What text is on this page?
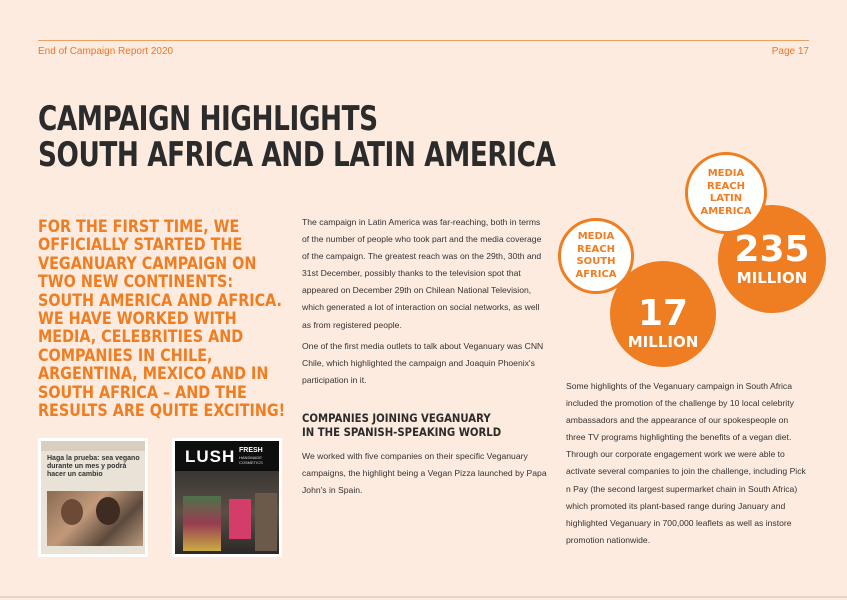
End of Campaign Report 2020	Page 17
CAMPAIGN HIGHLIGHTS
SOUTH AFRICA AND LATIN AMERICA
FOR THE FIRST TIME, WE OFFICIALLY STARTED THE VEGANUARY CAMPAIGN ON TWO NEW CONTINENTS: SOUTH AMERICA AND AFRICA. WE HAVE WORKED WITH MEDIA, CELEBRITIES AND COMPANIES IN CHILE, ARGENTINA, MEXICO AND IN SOUTH AFRICA – AND THE RESULTS ARE QUITE EXCITING!
Haga la prueba: sea vegano durante un mes y podrá hacer un cambio
LUSH FRESH
HANDMADE COSMETICS

The campaign in Latin America was far-reaching, both in terms of the number of people who took part and the media coverage of the campaign. The greatest reach was on the 29th, 30th and 31st December, possibly thanks to the television spot that appeared on December 29th on Chilean National Television, which generated a lot of interaction on social networks, as well as from registered people.

One of the first media outlets to talk about Veganuary was CNN Chile, which highlighted the campaign and Joaquin Phoenix's participation in it.

COMPANIES JOINING VEGANUARY IN THE SPANISH-SPEAKING WORLD
We worked with five companies on their specific Veganuary campaigns, the highlight being a Vegan Pizza launched by Papa John's in Spain.
17
MILLION
MEDIA REACH SOUTH AFRICA
235
MILLION
MEDIA REACH LATIN AMERICA
Some highlights of the Veganuary campaign in South Africa included the promotion of the challenge by 10 local celebrity ambassadors and the appearance of our spokespeople on three TV programs highlighting the benefits of a vegan diet. Through our corporate engagement work we were able to activate several companies to join the challenge, including Pick n Pay (the second largest supermarket chain in South Africa) which promoted its plant-based range during January and highlighted Veganuary in 700,000 leaflets as well as instore promotion nationwide.
